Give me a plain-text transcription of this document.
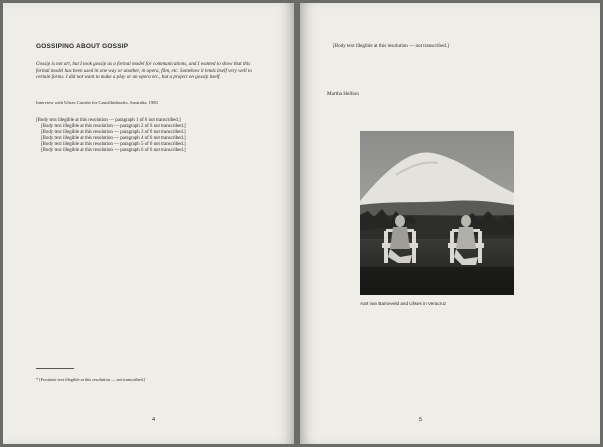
GOSSIPING ABOUT GOSSIP
Gossip is not art, but I took gossip as a formal model for communications, and I wanted to show that this formal model has been used in one way or another, in opera, film, etc. Somehow it lends itself very well to certain forms. I did not want to make a play or an opera etc., but a project on gossip itself.
Interview with Ulises Carrión for Castrillónbooks, Australia, 1983

[Body text illegible at this resolution — paragraph 1 of 6 not transcribed.]

[Body text illegible at this resolution — paragraph 2 of 6 not transcribed.]

[Body text illegible at this resolution — paragraph 3 of 6 not transcribed.]

[Body text illegible at this resolution — paragraph 4 of 6 not transcribed.]

[Body text illegible at this resolution — paragraph 5 of 6 not transcribed.]

[Body text illegible at this resolution — paragraph 6 of 6 not transcribed.]

* [Footnote text illegible at this resolution — not transcribed.]
4

[Body text illegible at this resolution — not transcribed.]

Martha Hellion
Aart van Barneveld and Ulises in Veracruz
5
